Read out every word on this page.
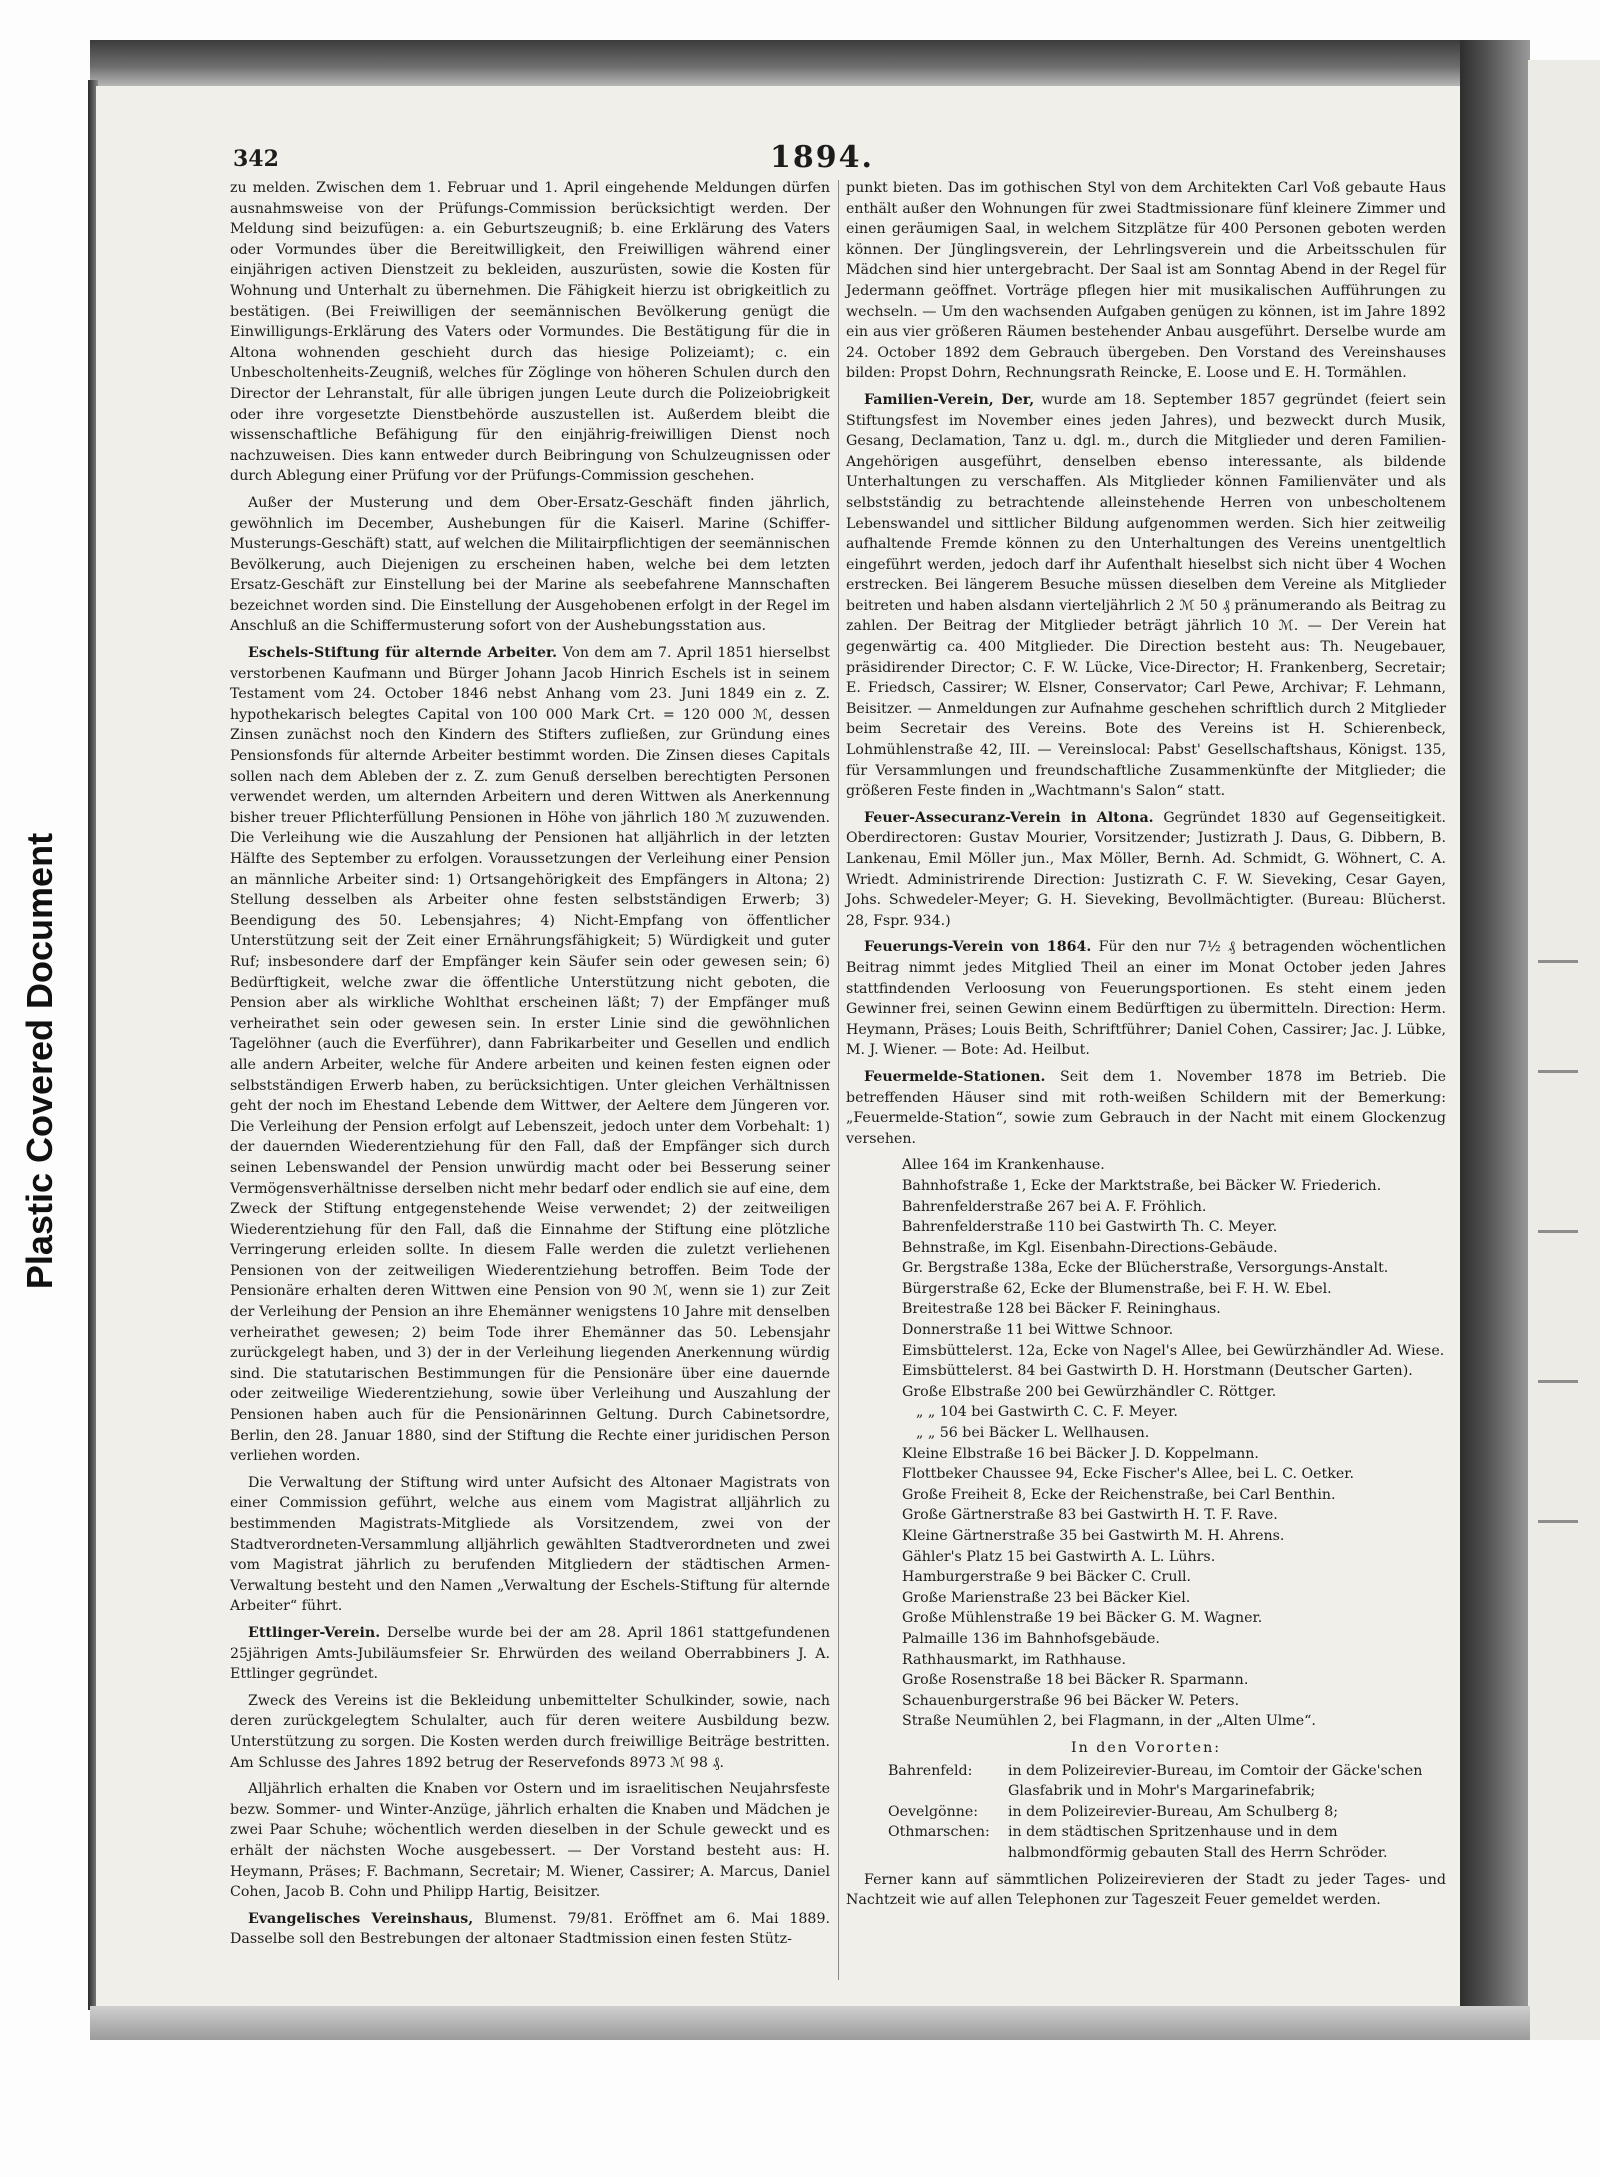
Plastic Covered Document
342	1894.

zu melden. Zwischen dem 1. Februar und 1. April eingehende Meldungen dürfen ausnahmsweise von der Prüfungs-Commission berücksichtigt werden. Der Meldung sind beizufügen: a. ein Geburtszeugniß; b. eine Erklärung des Vaters oder Vormundes über die Bereitwilligkeit, den Freiwilligen während einer einjährigen activen Dienstzeit zu bekleiden, auszurüsten, sowie die Kosten für Wohnung und Unterhalt zu übernehmen. Die Fähigkeit hierzu ist obrigkeitlich zu bestätigen. (Bei Freiwilligen der seemännischen Bevölkerung genügt die Einwilligungs-Erklärung des Vaters oder Vormundes. Die Bestätigung für die in Altona wohnenden geschieht durch das hiesige Polizeiamt); c. ein Unbescholtenheits-Zeugniß, welches für Zöglinge von höheren Schulen durch den Director der Lehranstalt, für alle übrigen jungen Leute durch die Polizeiobrigkeit oder ihre vorgesetzte Dienstbehörde auszustellen ist. Außerdem bleibt die wissenschaftliche Befähigung für den einjährig-freiwilligen Dienst noch nachzuweisen. Dies kann entweder durch Beibringung von Schulzeugnissen oder durch Ablegung einer Prüfung vor der Prüfungs-Commission geschehen.

Außer der Musterung und dem Ober-Ersatz-Geschäft finden jährlich, gewöhnlich im December, Aushebungen für die Kaiserl. Marine (Schiffer-Musterungs-Geschäft) statt, auf welchen die Militairpflichtigen der seemännischen Bevölkerung, auch Diejenigen zu erscheinen haben, welche bei dem letzten Ersatz-Geschäft zur Einstellung bei der Marine als seebefahrene Mannschaften bezeichnet worden sind. Die Einstellung der Ausgehobenen erfolgt in der Regel im Anschluß an die Schiffermusterung sofort von der Aushebungsstation aus.

Eschels-Stiftung für alternde Arbeiter. Von dem am 7. April 1851 hierselbst verstorbenen Kaufmann und Bürger Johann Jacob Hinrich Eschels ist in seinem Testament vom 24. October 1846 nebst Anhang vom 23. Juni 1849 ein z. Z. hypothekarisch belegtes Capital von 100 000 Mark Crt. = 120 000 ℳ, dessen Zinsen zunächst noch den Kindern des Stifters zufließen, zur Gründung eines Pensionsfonds für alternde Arbeiter bestimmt worden. Die Zinsen dieses Capitals sollen nach dem Ableben der z. Z. zum Genuß derselben berechtigten Personen verwendet werden, um alternden Arbeitern und deren Wittwen als Anerkennung bisher treuer Pflichterfüllung Pensionen in Höhe von jährlich 180 ℳ zuzuwenden. Die Verleihung wie die Auszahlung der Pensionen hat alljährlich in der letzten Hälfte des September zu erfolgen. Voraussetzungen der Verleihung einer Pension an männliche Arbeiter sind: 1) Ortsangehörigkeit des Empfängers in Altona; 2) Stellung desselben als Arbeiter ohne festen selbstständigen Erwerb; 3) Beendigung des 50. Lebensjahres; 4) Nicht-Empfang von öffentlicher Unterstützung seit der Zeit einer Ernährungsfähigkeit; 5) Würdigkeit und guter Ruf; insbesondere darf der Empfänger kein Säufer sein oder gewesen sein; 6) Bedürftigkeit, welche zwar die öffentliche Unterstützung nicht geboten, die Pension aber als wirkliche Wohlthat erscheinen läßt; 7) der Empfänger muß verheirathet sein oder gewesen sein. In erster Linie sind die gewöhnlichen Tagelöhner (auch die Everführer), dann Fabrikarbeiter und Gesellen und endlich alle andern Arbeiter, welche für Andere arbeiten und keinen festen eignen oder selbstständigen Erwerb haben, zu berücksichtigen. Unter gleichen Verhältnissen geht der noch im Ehestand Lebende dem Wittwer, der Aeltere dem Jüngeren vor. Die Verleihung der Pension erfolgt auf Lebenszeit, jedoch unter dem Vorbehalt: 1) der dauernden Wiederentziehung für den Fall, daß der Empfänger sich durch seinen Lebenswandel der Pension unwürdig macht oder bei Besserung seiner Vermögensverhältnisse derselben nicht mehr bedarf oder endlich sie auf eine, dem Zweck der Stiftung entgegenstehende Weise verwendet; 2) der zeitweiligen Wiederentziehung für den Fall, daß die Einnahme der Stiftung eine plötzliche Verringerung erleiden sollte. In diesem Falle werden die zuletzt verliehenen Pensionen von der zeitweiligen Wiederentziehung betroffen. Beim Tode der Pensionäre erhalten deren Wittwen eine Pension von 90 ℳ, wenn sie 1) zur Zeit der Verleihung der Pension an ihre Ehemänner wenigstens 10 Jahre mit denselben verheirathet gewesen; 2) beim Tode ihrer Ehemänner das 50. Lebensjahr zurückgelegt haben, und 3) der in der Verleihung liegenden Anerkennung würdig sind. Die statutarischen Bestimmungen für die Pensionäre über eine dauernde oder zeitweilige Wiederentziehung, sowie über Verleihung und Auszahlung der Pensionen haben auch für die Pensionärinnen Geltung. Durch Cabinetsordre, Berlin, den 28. Januar 1880, sind der Stiftung die Rechte einer juridischen Person verliehen worden.

Die Verwaltung der Stiftung wird unter Aufsicht des Altonaer Magistrats von einer Commission geführt, welche aus einem vom Magistrat alljährlich zu bestimmenden Magistrats-Mitgliede als Vorsitzendem, zwei von der Stadtverordneten-Versammlung alljährlich gewählten Stadtverordneten und zwei vom Magistrat jährlich zu berufenden Mitgliedern der städtischen Armen-Verwaltung besteht und den Namen „Verwaltung der Eschels-Stiftung für alternde Arbeiter“ führt.

Ettlinger-Verein. Derselbe wurde bei der am 28. April 1861 stattgefundenen 25jährigen Amts-Jubiläumsfeier Sr. Ehrwürden des weiland Oberrabbiners J. A. Ettlinger gegründet.

Zweck des Vereins ist die Bekleidung unbemittelter Schulkinder, sowie, nach deren zurückgelegtem Schulalter, auch für deren weitere Ausbildung bezw. Unterstützung zu sorgen. Die Kosten werden durch freiwillige Beiträge bestritten. Am Schlusse des Jahres 1892 betrug der Reservefonds 8973 ℳ 98 ₰.

Alljährlich erhalten die Knaben vor Ostern und im israelitischen Neujahrsfeste bezw. Sommer- und Winter-Anzüge, jährlich erhalten die Knaben und Mädchen je zwei Paar Schuhe; wöchentlich werden dieselben in der Schule geweckt und es erhält der nächsten Woche ausgebessert. — Der Vorstand besteht aus: H. Heymann, Präses; F. Bachmann, Secretair; M. Wiener, Cassirer; A. Marcus, Daniel Cohen, Jacob B. Cohn und Philipp Hartig, Beisitzer.

Evangelisches Vereinshaus, Blumenst. 79/81. Eröffnet am 6. Mai 1889. Dasselbe soll den Bestrebungen der altonaer Stadtmission einen festen Stütz-

punkt bieten. Das im gothischen Styl von dem Architekten Carl Voß gebaute Haus enthält außer den Wohnungen für zwei Stadtmissionare fünf kleinere Zimmer und einen geräumigen Saal, in welchem Sitzplätze für 400 Personen geboten werden können. Der Jünglingsverein, der Lehrlingsverein und die Arbeitsschulen für Mädchen sind hier untergebracht. Der Saal ist am Sonntag Abend in der Regel für Jedermann geöffnet. Vorträge pflegen hier mit musikalischen Aufführungen zu wechseln. — Um den wachsenden Aufgaben genügen zu können, ist im Jahre 1892 ein aus vier größeren Räumen bestehender Anbau ausgeführt. Derselbe wurde am 24. October 1892 dem Gebrauch übergeben. Den Vorstand des Vereinshauses bilden: Propst Dohrn, Rechnungsrath Reincke, E. Loose und E. H. Tormählen.

Familien-Verein, Der, wurde am 18. September 1857 gegründet (feiert sein Stiftungsfest im November eines jeden Jahres), und bezweckt durch Musik, Gesang, Declamation, Tanz u. dgl. m., durch die Mitglieder und deren Familien-Angehörigen ausgeführt, denselben ebenso interessante, als bildende Unterhaltungen zu verschaffen. Als Mitglieder können Familienväter und als selbstständig zu betrachtende alleinstehende Herren von unbescholtenem Lebenswandel und sittlicher Bildung aufgenommen werden. Sich hier zeitweilig aufhaltende Fremde können zu den Unterhaltungen des Vereins unentgeltlich eingeführt werden, jedoch darf ihr Aufenthalt hieselbst sich nicht über 4 Wochen erstrecken. Bei längerem Besuche müssen dieselben dem Vereine als Mitglieder beitreten und haben alsdann vierteljährlich 2 ℳ 50 ₰ pränumerando als Beitrag zu zahlen. Der Beitrag der Mitglieder beträgt jährlich 10 ℳ. — Der Verein hat gegenwärtig ca. 400 Mitglieder. Die Direction besteht aus: Th. Neugebauer, präsidirender Director; C. F. W. Lücke, Vice-Director; H. Frankenberg, Secretair; E. Friedsch, Cassirer; W. Elsner, Conservator; Carl Pewe, Archivar; F. Lehmann, Beisitzer. — Anmeldungen zur Aufnahme geschehen schriftlich durch 2 Mitglieder beim Secretair des Vereins. Bote des Vereins ist H. Schierenbeck, Lohmühlenstraße 42, III. — Vereinslocal: Pabst' Gesellschaftshaus, Königst. 135, für Versammlungen und freundschaftliche Zusammenkünfte der Mitglieder; die größeren Feste finden in „Wachtmann's Salon“ statt.

Feuer-Assecuranz-Verein in Altona. Gegründet 1830 auf Gegenseitigkeit. Oberdirectoren: Gustav Mourier, Vorsitzender; Justizrath J. Daus, G. Dibbern, B. Lankenau, Emil Möller jun., Max Möller, Bernh. Ad. Schmidt, G. Wöhnert, C. A. Wriedt. Administrirende Direction: Justizrath C. F. W. Sieveking, Cesar Gayen, Johs. Schwedeler-Meyer; G. H. Sieveking, Bevollmächtigter. (Bureau: Blücherst. 28, Fspr. 934.)

Feuerungs-Verein von 1864. Für den nur 7½ ₰ betragenden wöchentlichen Beitrag nimmt jedes Mitglied Theil an einer im Monat October jeden Jahres stattfindenden Verloosung von Feuerungsportionen. Es steht einem jeden Gewinner frei, seinen Gewinn einem Bedürftigen zu übermitteln. Direction: Herm. Heymann, Präses; Louis Beith, Schriftführer; Daniel Cohen, Cassirer; Jac. J. Lübke, M. J. Wiener. — Bote: Ad. Heilbut.

Feuermelde-Stationen. Seit dem 1. November 1878 im Betrieb. Die betreffenden Häuser sind mit roth-weißen Schildern mit der Bemerkung: „Feuermelde-Station“, sowie zum Gebrauch in der Nacht mit einem Glockenzug versehen.

Allee 164 im Krankenhause.
Bahnhofstraße 1, Ecke der Marktstraße, bei Bäcker W. Friederich.
Bahrenfelderstraße 267 bei A. F. Fröhlich.
Bahrenfelderstraße 110 bei Gastwirth Th. C. Meyer.
Behnstraße, im Kgl. Eisenbahn-Directions-Gebäude.
Gr. Bergstraße 138a, Ecke der Blücherstraße, Versorgungs-Anstalt.
Bürgerstraße 62, Ecke der Blumenstraße, bei F. H. W. Ebel.
Breitestraße 128 bei Bäcker F. Reininghaus.
Donnerstraße 11 bei Wittwe Schnoor.
Eimsbüttelerst. 12a, Ecke von Nagel's Allee, bei Gewürzhändler Ad. Wiese.
Eimsbüttelerst. 84 bei Gastwirth D. H. Horstmann (Deutscher Garten).
Große Elbstraße 200 bei Gewürzhändler C. Röttger.
„ „ 104 bei Gastwirth C. C. F. Meyer.
„ „ 56 bei Bäcker L. Wellhausen.
Kleine Elbstraße 16 bei Bäcker J. D. Koppelmann.
Flottbeker Chaussee 94, Ecke Fischer's Allee, bei L. C. Oetker.
Große Freiheit 8, Ecke der Reichenstraße, bei Carl Benthin.
Große Gärtnerstraße 83 bei Gastwirth H. T. F. Rave.
Kleine Gärtnerstraße 35 bei Gastwirth M. H. Ahrens.
Gähler's Platz 15 bei Gastwirth A. L. Lührs.
Hamburgerstraße 9 bei Bäcker C. Crull.
Große Marienstraße 23 bei Bäcker Kiel.
Große Mühlenstraße 19 bei Bäcker G. M. Wagner.
Palmaille 136 im Bahnhofsgebäude.
Rathhausmarkt, im Rathhause.
Große Rosenstraße 18 bei Bäcker R. Sparmann.
Schauenburgerstraße 96 bei Bäcker W. Peters.
Straße Neumühlen 2, bei Flagmann, in der „Alten Ulme“.
In den Vororten:
Bahrenfeld:	in dem Polizeirevier-Bureau, im Comtoir der Gäcke'schen Glasfabrik und in Mohr's Margarinefabrik;
Oevelgönne:	in dem Polizeirevier-Bureau, Am Schulberg 8;
Othmarschen:	in dem städtischen Spritzenhause und in dem halbmondförmig gebauten Stall des Herrn Schröder.

Ferner kann auf sämmtlichen Polizeirevieren der Stadt zu jeder Tages- und Nachtzeit wie auf allen Telephonen zur Tageszeit Feuer gemeldet werden.
